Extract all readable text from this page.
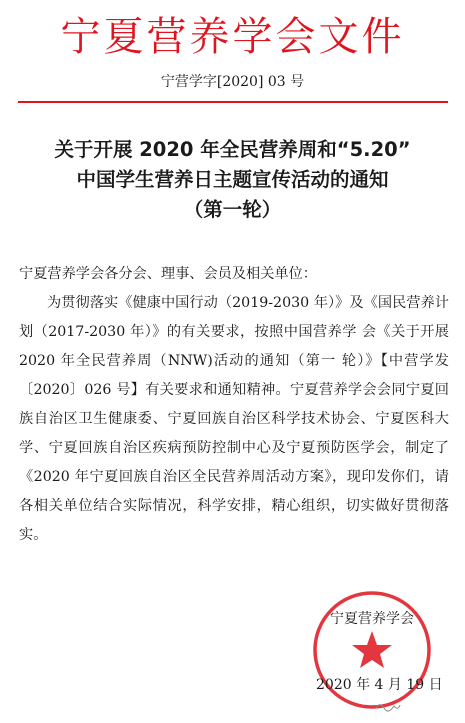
宁夏营养学会文件
宁营学字[2020] 03 号
关于开展 2020 年全民营养周和“5.20”
中国学生营养日主题宣传活动的通知
（第一轮）

宁夏营养学会各分会、理事、会员及相关单位：

为贯彻落实《健康中国行动（2019-2030 年）》及《国民营养计划（2017-2030 年）》的有关要求，按照中国营养学 会《关于开展 2020 年全民营养周（NNW)活动的通知（第一 轮）》【中营学发〔2020〕026 号】有关要求和通知精神。宁夏营养学会会同宁夏回族自治区卫生健康委、宁夏回族自治区科学技术协会、宁夏医科大学、宁夏回族自治区疾病预防控制中心及宁夏预防医学会，制定了《2020 年宁夏回族自治区全民营养周活动方案》，现印发你们，请各相关单位结合实际情况，科学安排，精心组织，切实做好贯彻落实。

宁夏营养学会
2020 年 4 月 19 日
